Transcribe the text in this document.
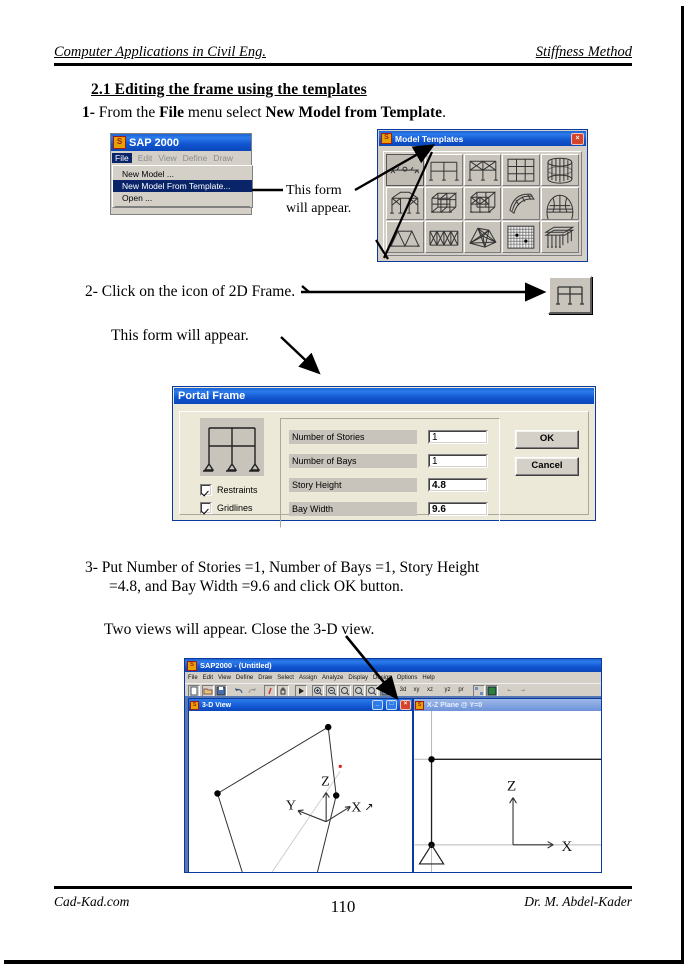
Computer Applications in Civil Eng.	Stiffness Method
2.1 Editing the frame using the templates
1- From the File menu select New Model from Template.
S SAP 2000
File	Edit View Define Draw
New Model ...
New Model From Template...
Open ...	This form
will appear.
S Model Templates	×
2- Click on the icon of 2D Frame.
This form will appear.
Portal Frame
Restraints
Gridlines
Number of Stories	1
Number of Bays	1
Story Height	4.8
Bay Width	9.6
OK
Cancel
3- Put Number of Stories =1, Number of Bays =1, Story Height
=4.8, and Bay Width =9.6 and click OK button.
Two views will appear. Close the 3-D view.
S SAP2000 - (Untitled)
File Edit View Define Draw Select Assign Analyze Display Design Options Help
3d	xy	xz	yz	pr	←	→
S 3-D View	_	□	×
Z
Y	X ↗
S X-Z Plane @ Y=0
Z
X
Cad-Kad.com	110	Dr. M. Abdel-Kader
